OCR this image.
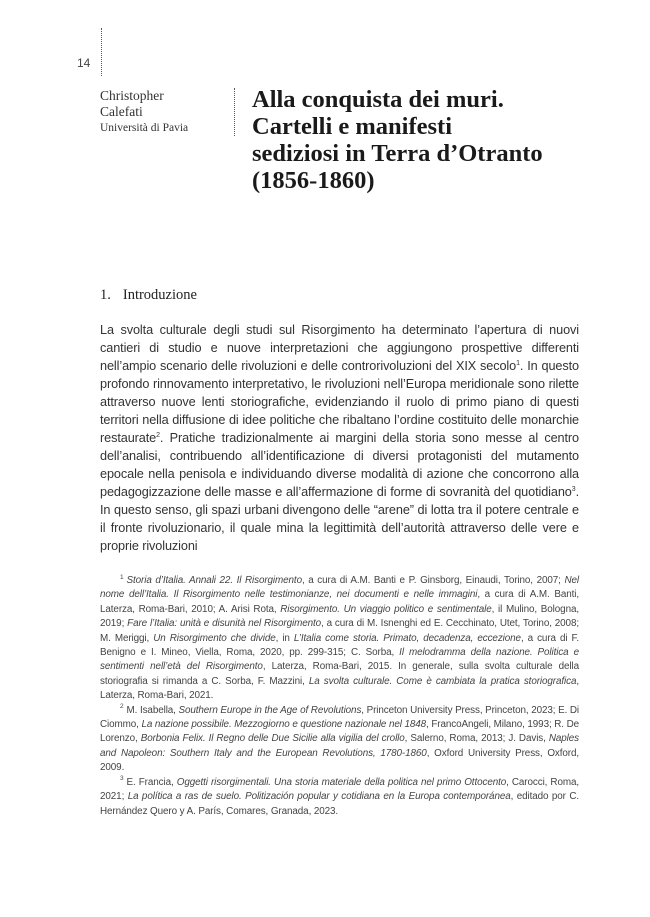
14
Christopher
Calefati
Università di Pavia
Alla conquista dei muri.
Cartelli e manifesti
sediziosi in Terra d’Otranto
(1856-1860)
1. Introduzione

La svolta culturale degli studi sul Risorgimento ha determinato l’apertura di nuovi cantieri di studio e nuove interpretazioni che aggiungono prospettive differenti nell’ampio scenario delle rivoluzioni e delle controrivoluzioni del XIX secolo$^1$. In questo profondo rinnovamento interpretativo, le rivoluzioni nell’Europa meridionale sono rilette attraverso nuove lenti storiografiche, evidenziando il ruolo di primo piano di questi territori nella diffusione di idee politiche che ribaltano l’ordine costituito delle monarchie restaurate$^2$. Pratiche tradizionalmente ai margini della storia sono messe al centro dell’analisi, contribuendo all’identificazione di diversi protagonisti del mutamento epocale nella penisola e individuando diverse modalità di azione che concorrono alla pedagogizzazione delle masse e all’affermazione di forme di sovranità del quotidiano$^3$. In questo senso, gli spazi urbani divengono delle “arene” di lotta tra il potere centrale e il fronte rivoluzionario, il quale mina la legittimità dell’autorità attraverso delle vere e proprie rivoluzioni

$^1$ Storia d’Italia. Annali 22. Il Risorgimento, a cura di A.M. Banti e P. Ginsborg, Einaudi, Torino, 2007; Nel nome dell’Italia. Il Risorgimento nelle testimonianze, nei documenti e nelle immagini, a cura di A.M. Banti, Laterza, Roma-Bari, 2010; A. Arisi Rota, Risorgimento. Un viaggio politico e sentimentale, il Mulino, Bologna, 2019; Fare l’Italia: unità e disunità nel Risorgimento, a cura di M. Isnenghi ed E. Cecchinato, Utet, Torino, 2008; M. Meriggi, Un Risorgimento che divide, in L’Italia come storia. Primato, decadenza, eccezione, a cura di F. Benigno e I. Mineo, Viella, Roma, 2020, pp. 299-315; C. Sorba, Il melodramma della nazione. Politica e sentimenti nell’età del Risorgimento, Laterza, Roma-Bari, 2015. In generale, sulla svolta culturale della storiografia si rimanda a C. Sorba, F. Mazzini, La svolta culturale. Come è cambiata la pratica storiografica, Laterza, Roma-Bari, 2021.

$^2$ M. Isabella, Southern Europe in the Age of Revolutions, Princeton University Press, Princeton, 2023; E. Di Ciommo, La nazione possibile. Mezzogiorno e questione nazionale nel 1848, FrancoAngeli, Milano, 1993; R. De Lorenzo, Borbonia Felix. Il Regno delle Due Sicilie alla vigilia del crollo, Salerno, Roma, 2013; J. Davis, Naples and Napoleon: Southern Italy and the European Revolutions, 1780-1860, Oxford University Press, Oxford, 2009.

$^3$ E. Francia, Oggetti risorgimentali. Una storia materiale della politica nel primo Ottocento, Carocci, Roma, 2021; La política a ras de suelo. Politización popular y cotidiana en la Europa contemporánea, editado por C. Hernández Quero y A. París, Comares, Granada, 2023.
